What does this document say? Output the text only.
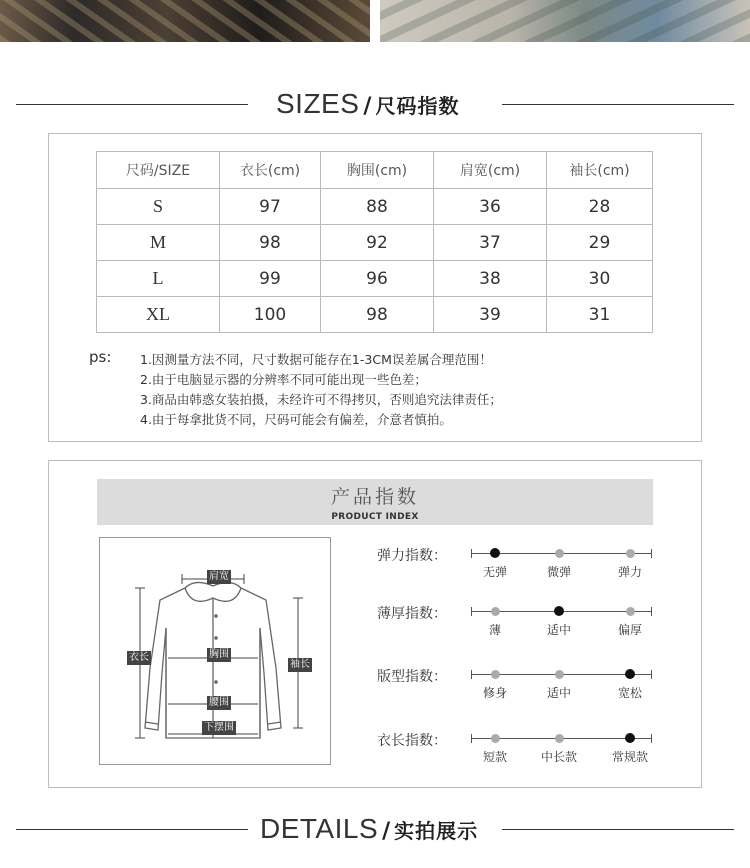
SIZES / 尺码指数
尺码/SIZE	衣长(cm)	胸围(cm)	肩宽(cm)	袖长(cm)
S	97	88	36	28
M	98	92	37	29
L	99	96	38	30
XL	100	98	39	31
ps: 1.因测量方法不同，尺寸数据可能存在1-3CM误差属合理范围！
2.由于电脑显示器的分辨率不同可能出现一些色差；
3.商品由韩惑女装拍摄，未经许可不得拷贝，否则追究法律责任；
4.由于每拿批货不同，尺码可能会有偏差，介意者慎拍。
产品指数
PRODUCT INDEX
肩宽
衣长	胸围
袖长
腰围
下摆围
弹力指数：
无弹	微弹	弹力
薄厚指数：
薄	适中	偏厚
版型指数：
修身	适中	宽松
衣长指数：
短款	中长款	常规款
DETAILS / 实拍展示
